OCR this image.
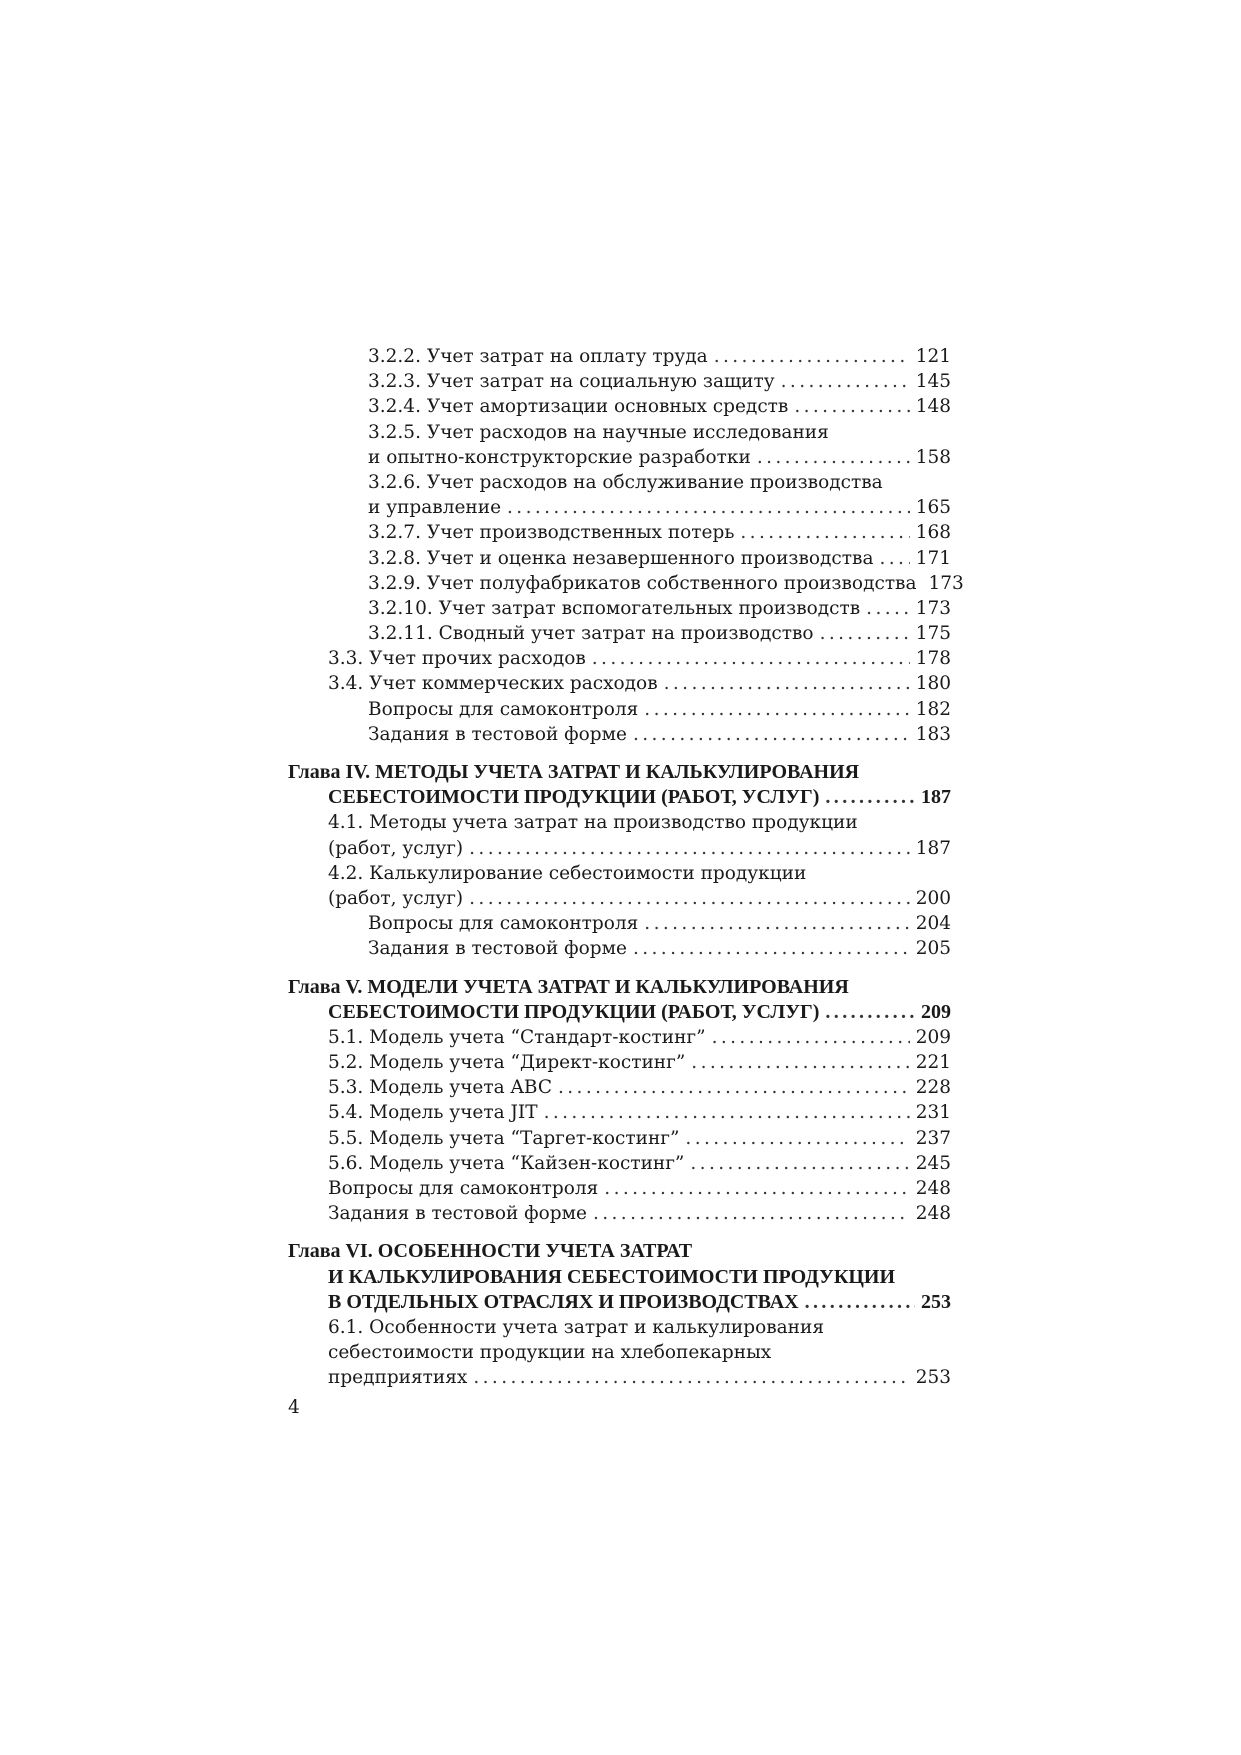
3.2.2. Учет затрат на оплату труда .....	121
3.2.3. Учет затрат на социальную защиту .....	145
3.2.4. Учет амортизации основных средств .....	148
3.2.5. Учет расходов на научные исследования
и опытно-конструкторские разработки .....	158
3.2.6. Учет расходов на обслуживание производства
и управление .....	165
3.2.7. Учет производственных потерь .....	168
3.2.8. Учет и оценка незавершенного производства ..... 171
3.2.9. Учет полуфабрикатов собственного производства 173
3.2.10. Учет затрат вспомогательных производств .....	173
3.2.11. Сводный учет затрат на производство .....	175
3.3. Учет прочих расходов .....	178
3.4. Учет коммерческих расходов .....	180
Вопросы для самоконтроля .....	182
Задания в тестовой форме .....	183
Глава IV. МЕТОДЫ УЧЕТА ЗАТРАТ И КАЛЬКУЛИРОВАНИЯ
СЕБЕСТОИМОСТИ ПРОДУКЦИИ (РАБОТ, УСЛУГ) .....	187
4.1. Методы учета затрат на производство продукции
(работ, услуг) .....	187
4.2. Калькулирование себестоимости продукции
(работ, услуг) .....	200
Вопросы для самоконтроля .....	204
Задания в тестовой форме .....	205
Глава V. МОДЕЛИ УЧЕТА ЗАТРАТ И КАЛЬКУЛИРОВАНИЯ
СЕБЕСТОИМОСТИ ПРОДУКЦИИ (РАБОТ, УСЛУГ) .....	209
5.1. Модель учета “Стандарт-костинг” .....	209
5.2. Модель учета “Директ-костинг” .....	221
5.3. Модель учета ABC .....	228
5.4. Модель учета JIT .....	231
5.5. Модель учета “Таргет-костинг” .....	237
5.6. Модель учета “Кайзен-костинг” .....	245
Вопросы для самоконтроля .....	248
Задания в тестовой форме .....	248
Глава VI. ОСОБЕННОСТИ УЧЕТА ЗАТРАТ
И КАЛЬКУЛИРОВАНИЯ СЕБЕСТОИМОСТИ ПРОДУКЦИИ
В ОТДЕЛЬНЫХ ОТРАСЛЯХ И ПРОИЗВОДСТВАХ .....	253
6.1. Особенности учета затрат и калькулирования
себестоимости продукции на хлебопекарных
предприятиях .....	253
4
